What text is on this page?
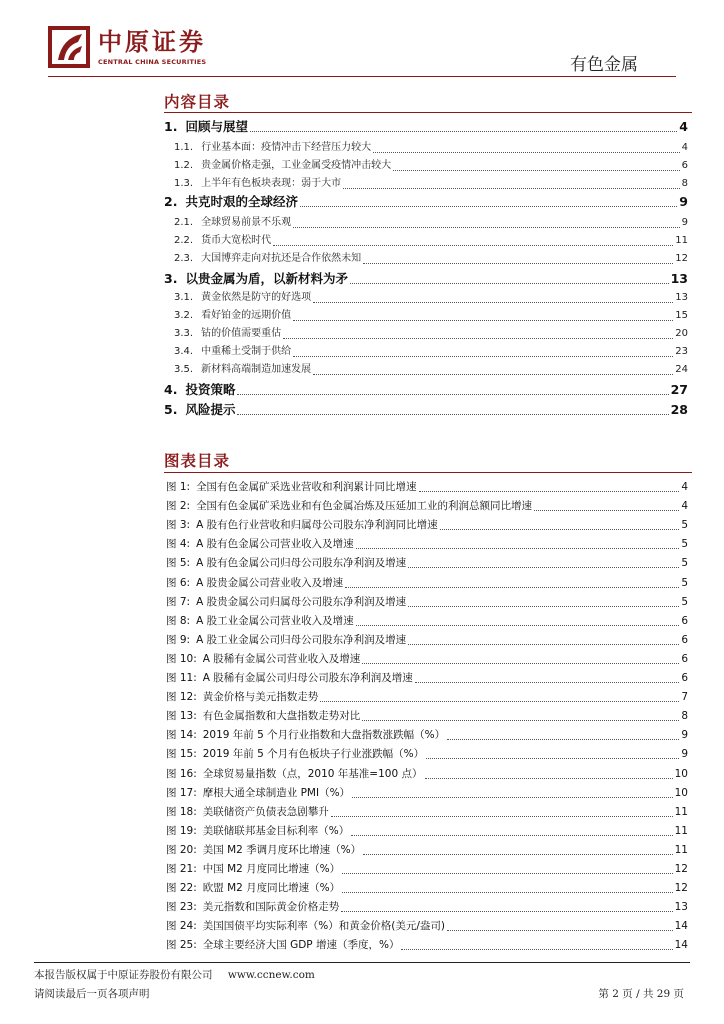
中原证券
CENTRAL CHINA SECURITIES	有色金属
内容目录
1. 回顾与展望	4
1.1. 行业基本面：疫情冲击下经营压力较大	4
1.2. 贵金属价格走强，工业金属受疫情冲击较大	6
1.3. 上半年有色板块表现：弱于大市	8
2. 共克时艰的全球经济	9
2.1. 全球贸易前景不乐观	9
2.2. 货币大宽松时代	11
2.3. 大国博弈走向对抗还是合作依然未知	12
3. 以贵金属为盾，以新材料为矛	13
3.1. 黄金依然是防守的好选项	13
3.2. 看好铂金的远期价值	15
3.3. 钴的价值需要重估	20
3.4. 中重稀土受制于供给	23
3.5. 新材料高端制造加速发展	24
4. 投资策略	27
5. 风险提示	28
图表目录
图 1: 全国有色金属矿采选业营收和利润累计同比增速	4
图 2: 全国有色金属矿采选业和有色金属冶炼及压延加工业的利润总额同比增速	4
图 3: A 股有色行业营收和归属母公司股东净利润同比增速	5
图 4: A 股有色金属公司营业收入及增速	5
图 5: A 股有色金属公司归母公司股东净利润及增速	5
图 6: A 股贵金属公司营业收入及增速	5
图 7: A 股贵金属公司归属母公司股东净利润及增速	5
图 8: A 股工业金属公司营业收入及增速	6
图 9: A 股工业金属公司归母公司股东净利润及增速	6
图 10: A 股稀有金属公司营业收入及增速	6
图 11: A 股稀有金属公司归母公司股东净利润及增速	6
图 12: 黄金价格与美元指数走势	7
图 13: 有色金属指数和大盘指数走势对比	8
图 14: 2019 年前 5 个月行业指数和大盘指数涨跌幅（%）	9
图 15: 2019 年前 5 个月有色板块子行业涨跌幅（%）	9
图 16: 全球贸易量指数（点，2010 年基准=100 点）	10
图 17: 摩根大通全球制造业 PMI（%）	10
图 18: 美联储资产负债表急剧攀升	11
图 19: 美联储联邦基金目标利率（%）	11
图 20: 美国 M2 季调月度环比增速（%）	11
图 21: 中国 M2 月度同比增速（%）	12
图 22: 欧盟 M2 月度同比增速（%）	12
图 23: 美元指数和国际黄金价格走势	13
图 24: 美国国债平均实际利率（%）和黄金价格(美元/盎司)	14
图 25: 全球主要经济大国 GDP 增速（季度，%）	14
本报告版权属于中原证券股份有限公司 www.ccnew.com
请阅读最后一页各项声明	第 2 页 / 共 29 页
